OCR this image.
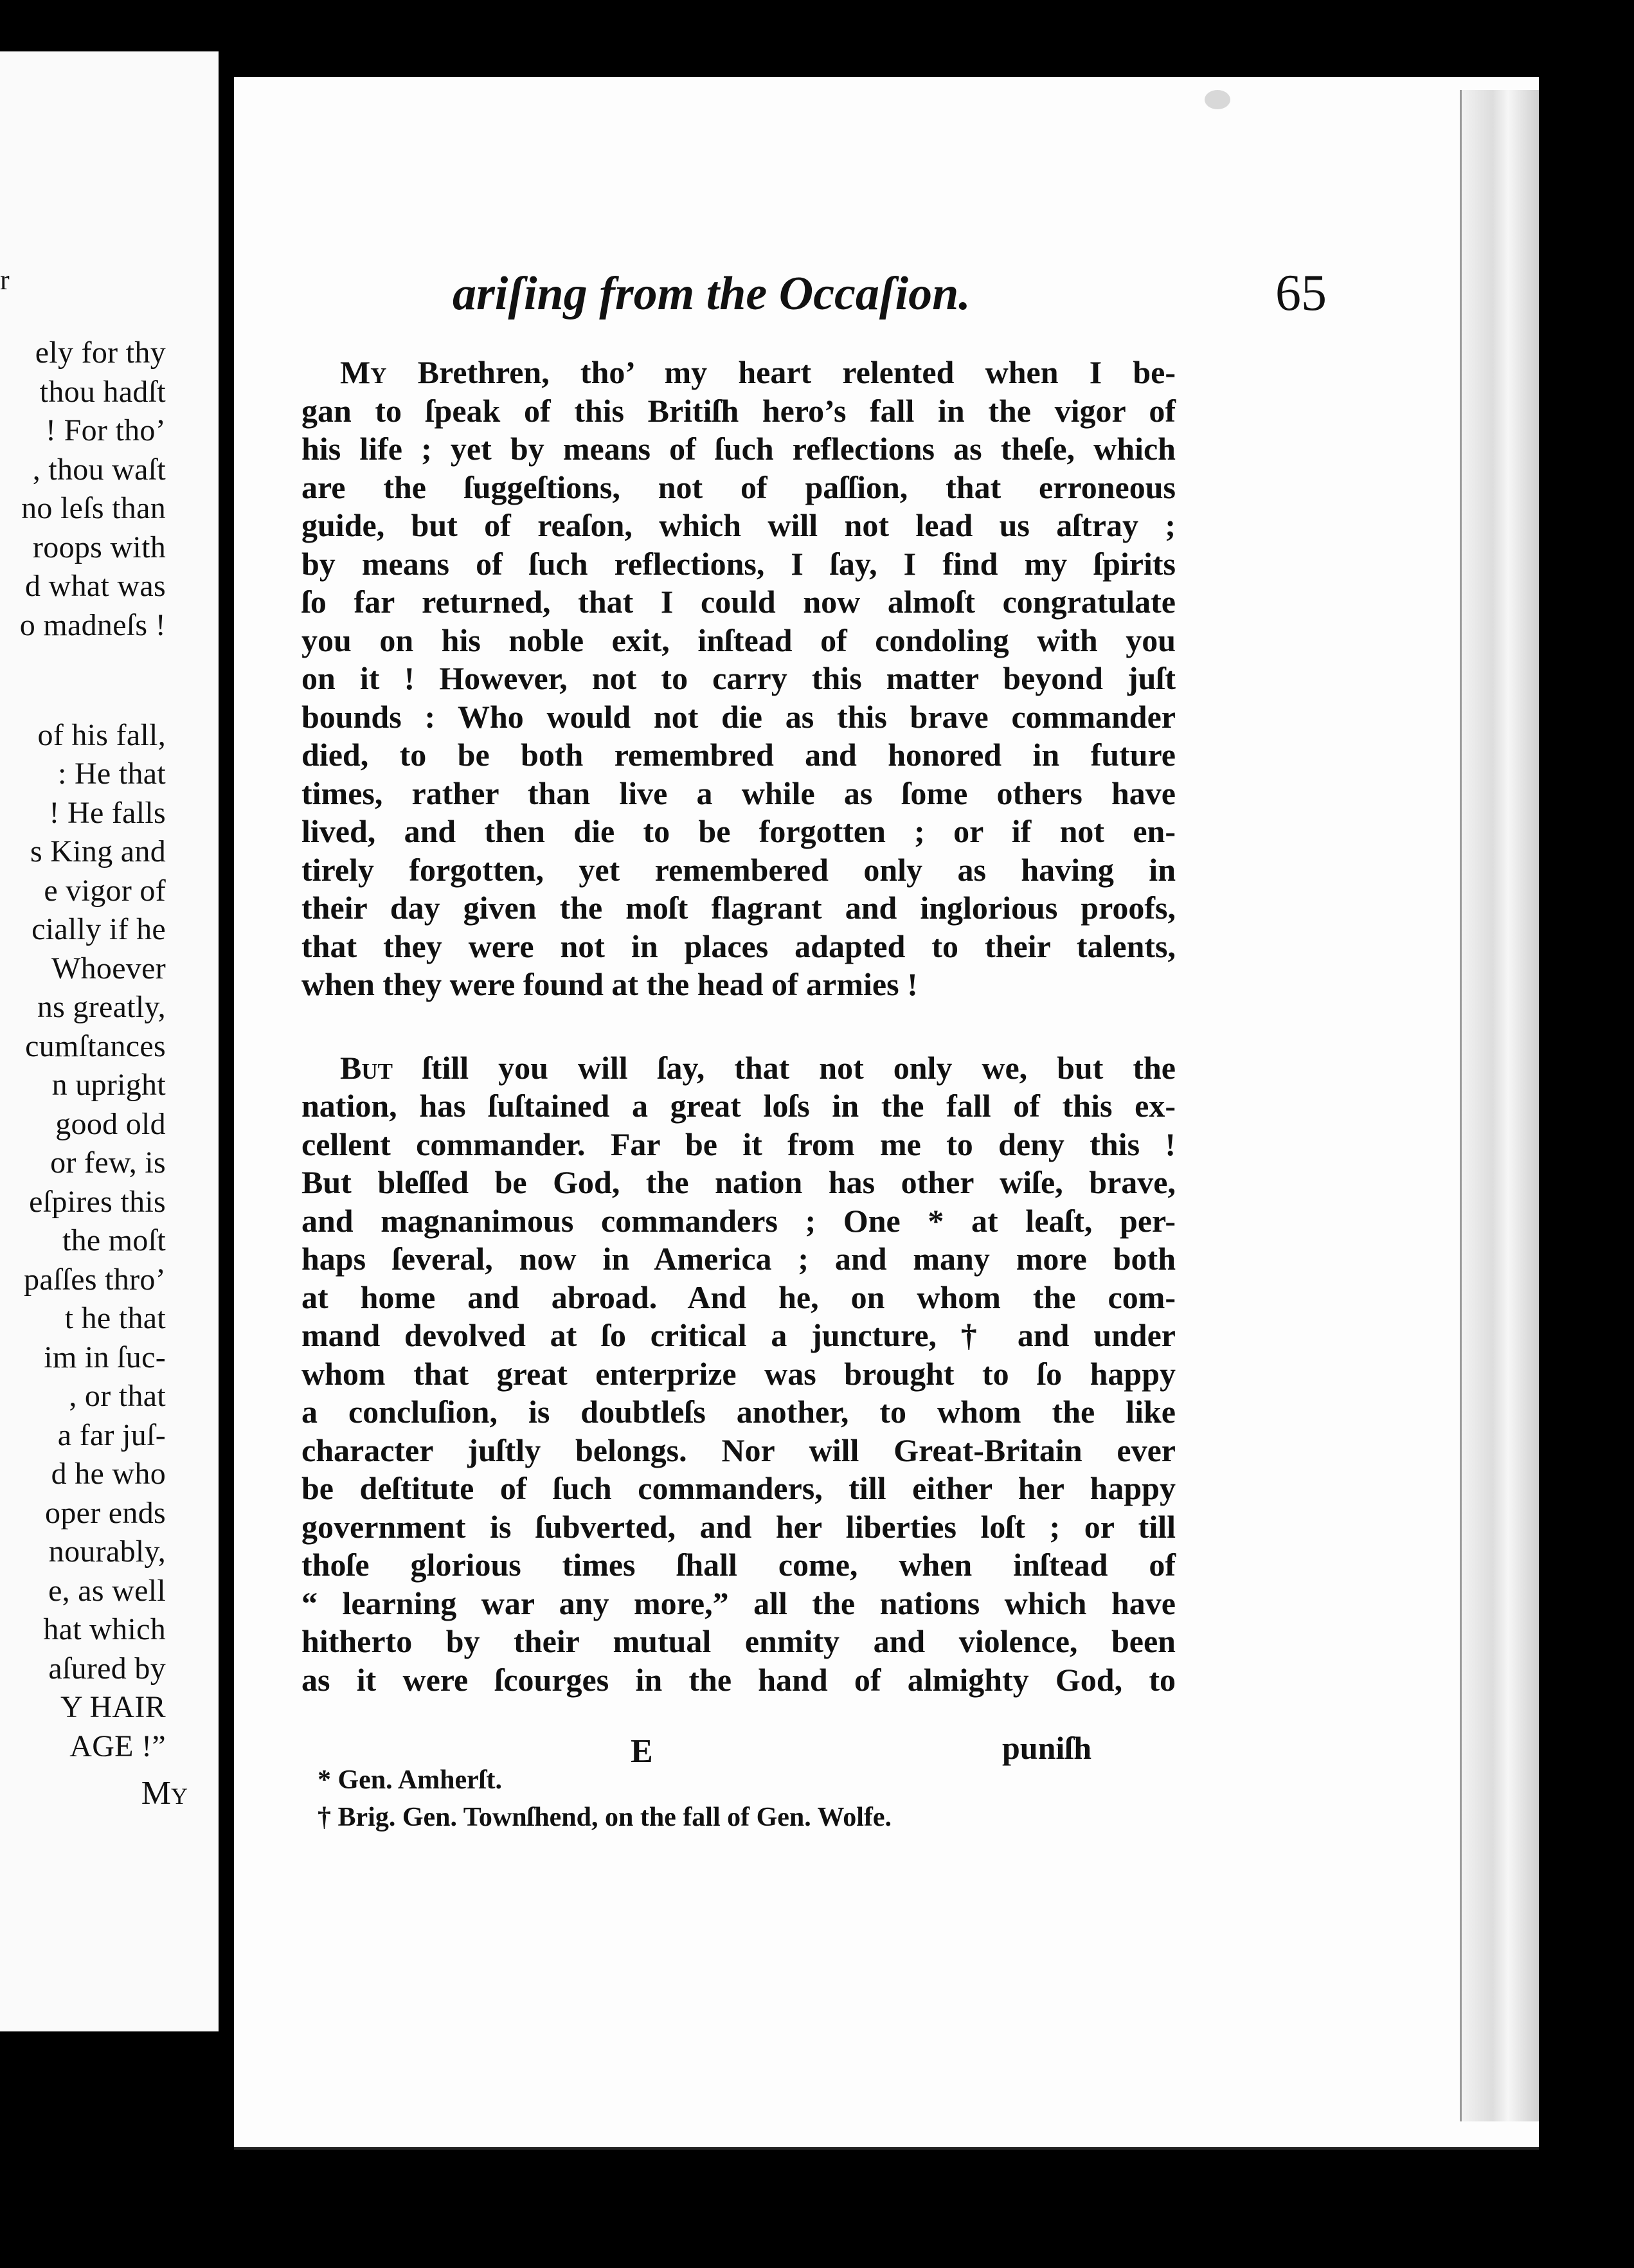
r
ely for thy
thou hadſt
! For tho’
, thou waſt
no leſs than
roops with
d what was
o madneſs !
of his fall,
: He that
! He falls
s King and
e vigor of
cially if he
Whoever
ns greatly,
cumſtances
n upright
good old
or few, is
eſpires this
the moſt
paſſes thro’
t he that
im in ſuc-
, or that
a far juſ-
d he who
oper ends
nourably,
e, as well
hat which
aſured by
Y HAIR
AGE !”
My
ariſing from the Occaſion.	65

My Brethren, tho’ my heart relented when I be-

gan to ſpeak of this Britiſh hero’s fall in the vigor of

his life ; yet by means of ſuch reflections as theſe, which

are the ſuggeſtions, not of paſſion, that erroneous

guide, but of reaſon, which will not lead us aſtray ;

by means of ſuch reflections, I ſay, I find my ſpirits

ſo far returned, that I could now almoſt congratulate

you on his noble exit, inſtead of condoling with you

on it ! However, not to carry this matter beyond juſt

bounds : Who would not die as this brave commander

died, to be both remembred and honored in future

times, rather than live a while as ſome others have

lived, and then die to be forgotten ; or if not en-

tirely forgotten, yet remembered only as having in

their day given the moſt flagrant and inglorious proofs,

that they were not in places adapted to their talents,

when they were found at the head of armies !

But ſtill you will ſay, that not only we, but the

nation, has ſuſtained a great loſs in the fall of this ex-

cellent commander. Far be it from me to deny this !

But bleſſed be God, the nation has other wiſe, brave,

and magnanimous commanders ; One * at leaſt, per-

haps ſeveral, now in America ; and many more both

at home and abroad. And he, on whom the com-

mand devolved at ſo critical a juncture, † and under

whom that great enterprize was brought to ſo happy

a concluſion, is doubtleſs another, to whom the like

character juſtly belongs. Nor will Great-Britain ever

be deſtitute of ſuch commanders, till either her happy

government is ſubverted, and her liberties loſt ; or till

thoſe glorious times ſhall come, when inſtead of

“ learning war any more,” all the nations which have

hitherto by their mutual enmity and violence, been

as it were ſcourges in the hand of almighty God, to

E	puniſh
* Gen. Amherſt.
† Brig. Gen. Townſhend, on the fall of Gen. Wolfe.
